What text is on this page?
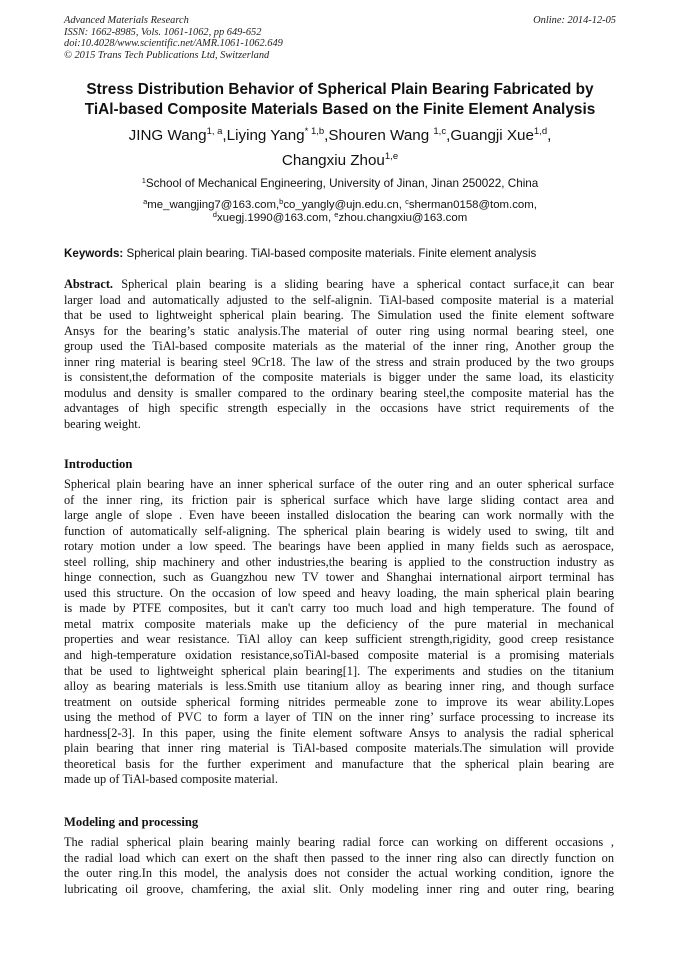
Advanced Materials Research
ISSN: 1662-8985, Vols. 1061-1062, pp 649-652
doi:10.4028/www.scientific.net/AMR.1061-1062.649
© 2015 Trans Tech Publications Ltd, Switzerland
Online: 2014-12-05
Stress Distribution Behavior of Spherical Plain Bearing Fabricated by
TiAl-based Composite Materials Based on the Finite Element Analysis
JING Wang$^{1, a}$,Liying Yang$^{* 1,b}$,Shouren Wang $^{1,c}$,Guangji Xue$^{1,d}$,
Changxiu Zhou$^{1,e}$
$^1$School of Mechanical Engineering, University of Jinan, Jinan 250022, China
$^a$me_wangjing7@163.com,$^b$co_yangly@ujn.edu.cn, $^c$sherman0158@tom.com,
$^d$xuegj.1990@163.com, $^e$zhou.changxiu@163.com
Keywords: Spherical plain bearing. TiAl-based composite materials. Finite element analysis
Abstract. Spherical plain bearing is a sliding bearing have a spherical contact surface,it can bear
larger load and automatically adjusted to the self-alignin. TiAl-based composite material is a material
that be used to lightweight spherical plain bearing. The Simulation used the finite element software
Ansys for the bearing’s static analysis.The material of outer ring using normal bearing steel, one
group used the TiAl-based composite materials as the material of the inner ring, Another group the
inner ring material is bearing steel 9Cr18. The law of the stress and strain produced by the two groups
is consistent,the deformation of the composite materials is bigger under the same load, its elasticity
modulus and density is smaller compared to the ordinary bearing steel,the composite material has the
advantages of high specific strength especially in the occasions have strict requirements of the
bearing weight.
Introduction
Spherical plain bearing have an inner spherical surface of the outer ring and an outer spherical surface
of the inner ring, its friction pair is spherical surface which have large sliding contact area and
large angle of slope . Even have beeen installed dislocation the bearing can work normally with the
function of automatically self-aligning. The spherical plain bearing is widely used to swing, tilt and
rotary motion under a low speed. The bearings have been applied in many fields such as aerospace,
steel rolling, ship machinery and other industries,the bearing is applied to the construction industry as
hinge connection, such as Guangzhou new TV tower and Shanghai international airport terminal has
used this structure. On the occasion of low speed and heavy loading, the main spherical plain bearing
is made by PTFE composites, but it can't carry too much load and high temperature. The found of
metal matrix composite materials make up the deficiency of the pure material in mechanical
properties and wear resistance. TiAl alloy can keep sufficient strength,rigidity, good creep resistance
and high-temperature oxidation resistance,soTiAl-based composite material is a promising materials
that be used to lightweight spherical plain bearing[1]. The experiments and studies on the titanium
alloy as bearing materials is less.Smith use titanium alloy as bearing inner ring, and though surface
treatment on outside spherical forming nitrides permeable zone to improve its wear ability.Lopes
using the method of PVC to form a layer of TIN on the inner ring’ surface processing to increase its
hardness[2-3]. In this paper, using the finite element software Ansys to analysis the radial spherical
plain bearing that inner ring material is TiAl-based composite materials.The simulation will provide
theoretical basis for the further experiment and manufacture that the spherical plain bearing are
made up of TiAl-based composite material.
Modeling and processing
The radial spherical plain bearing mainly bearing radial force can working on different occasions ,
the radial load which can exert on the shaft then passed to the inner ring also can directly function on
the outer ring.In this model, the analysis does not consider the actual working condition, ignore the
lubricating oil groove, chamfering, the axial slit. Only modeling inner ring and outer ring, bearing
